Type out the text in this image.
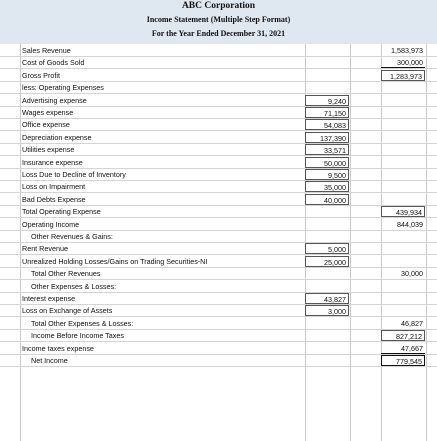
ABC Corporation
Income Statement (Multiple Step Format)
For the Year Ended December 31, 2021
Sales Revenue	1,583,973
Cost of Goods Sold	300,000
Gross Profit	1,283,973
less: Operating Expenses
Advertising expense	9,240
Wages expense	71,150
Office expense	54,083
Depreciation expense	137,390
Utilities expense	33,571
Insurance expense	50,000
Loss Due to Decline of Inventory	9,500
Loss on Impairment	35,000
Bad Debts Expense	40,000
Total Operating Expense	439,934
Operating Income	844,039
Other Revenues & Gains:
Rent Revenue	5,000
Unrealized Holding Losses/Gains on Trading Securities-NI	25,000
Total Other Revenues	30,000
Other Expenses & Losses:
Interest expense	43,827
Loss on Exchange of Assets	3,000
Total Other Expenses & Losses:	46,827
Income Before Income Taxes	827,212
Income taxes expense	47,667
Net Income	779,545
